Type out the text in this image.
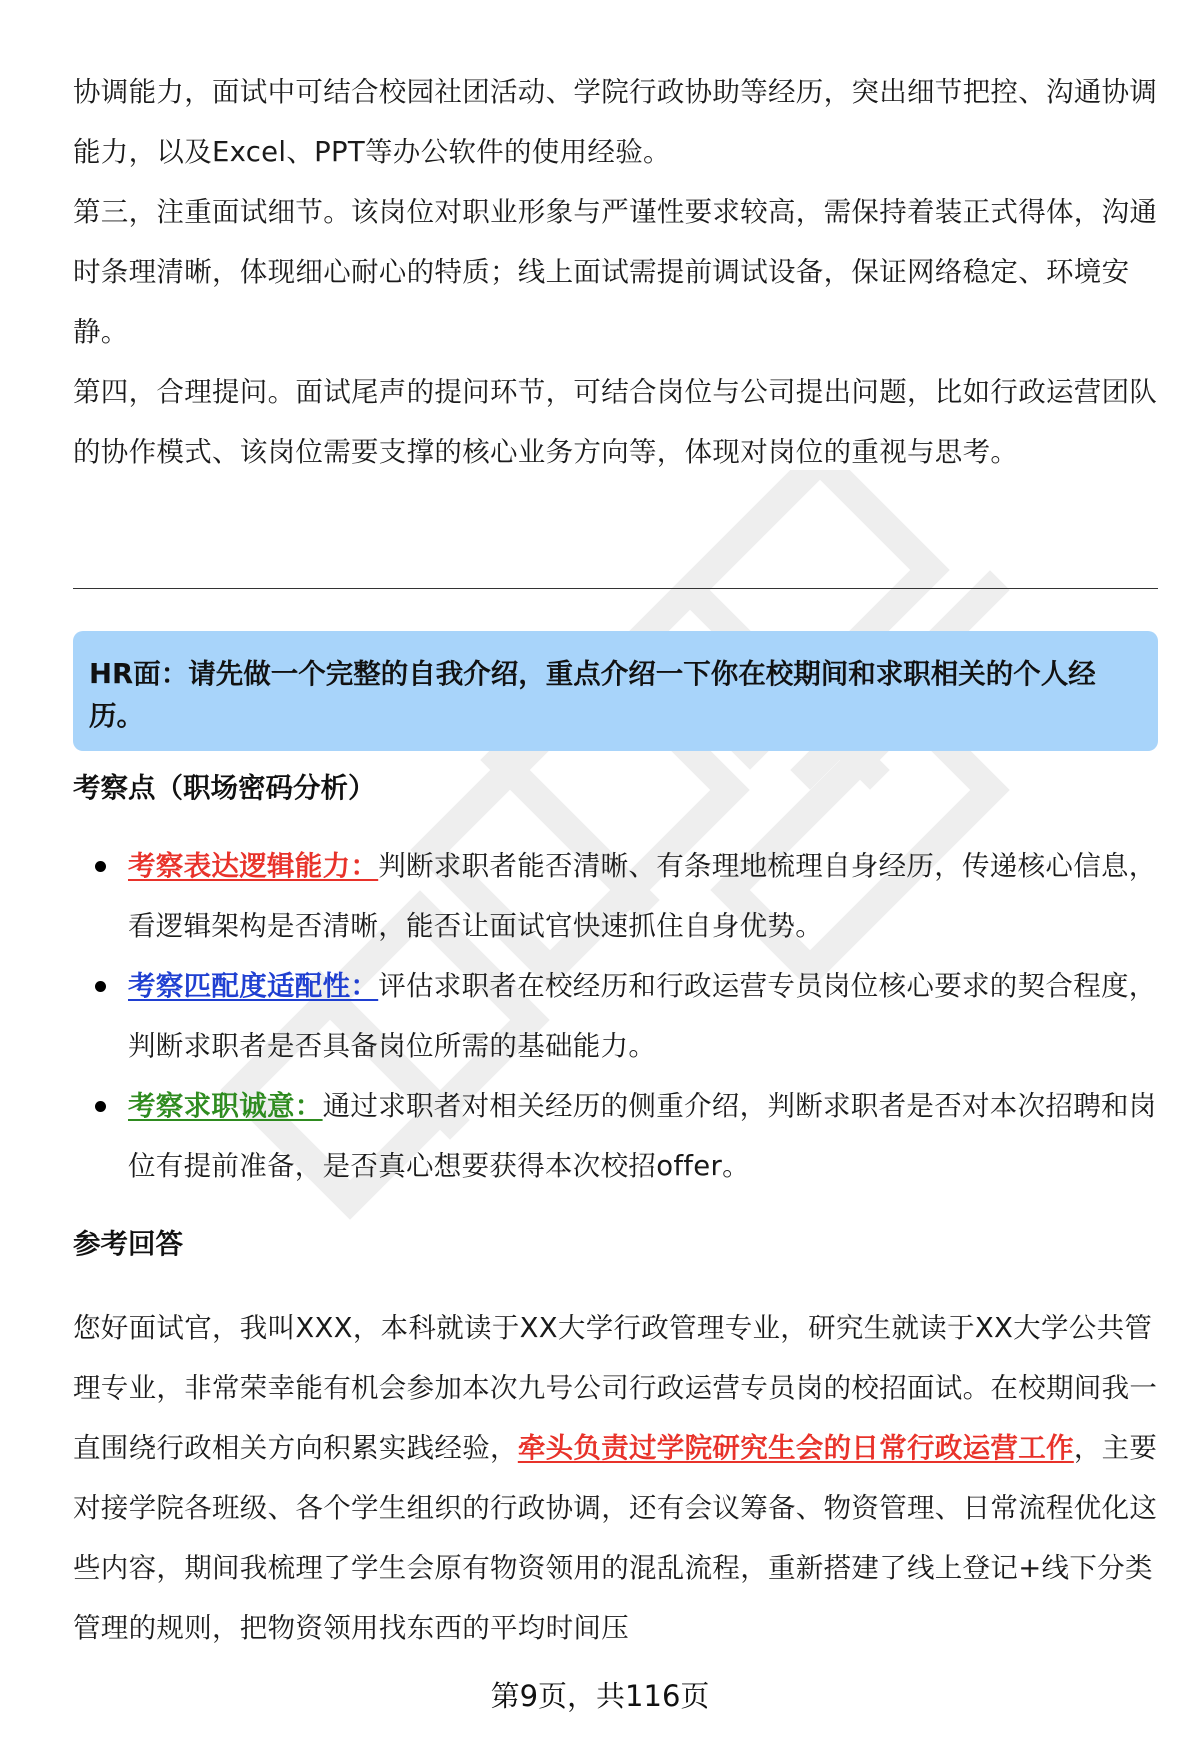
协调能力，面试中可结合校园社团活动、学院行政协助等经历，突出细节把控、沟通协调能力，以及Excel、PPT等办公软件的使用经验。

第三，注重面试细节。该岗位对职业形象与严谨性要求较高，需保持着装正式得体，沟通时条理清晰，体现细心耐心的特质；线上面试需提前调试设备，保证网络稳定、环境安静。

第四，合理提问。面试尾声的提问环节，可结合岗位与公司提出问题，比如行政运营团队的协作模式、该岗位需要支撑的核心业务方向等，体现对岗位的重视与思考。

HR面：请先做一个完整的自我介绍，重点介绍一下你在校期间和求职相关的个人经历。
考察点（职场密码分析）
考察表达逻辑能力：判断求职者能否清晰、有条理地梳理自身经历，传递核心信息，看逻辑架构是否清晰，能否让面试官快速抓住自身优势。
考察匹配度适配性：评估求职者在校经历和行政运营专员岗位核心要求的契合程度，判断求职者是否具备岗位所需的基础能力。
考察求职诚意：通过求职者对相关经历的侧重介绍，判断求职者是否对本次招聘和岗位有提前准备，是否真心想要获得本次校招offer。
参考回答

您好面试官，我叫XXX，本科就读于XX大学行政管理专业，研究生就读于XX大学公共管理专业，非常荣幸能有机会参加本次九号公司行政运营专员岗的校招面试。在校期间我一直围绕行政相关方向积累实践经验，牵头负责过学院研究生会的日常行政运营工作，主要对接学院各班级、各个学生组织的行政协调，还有会议筹备、物资管理、日常流程优化这些内容，期间我梳理了学生会原有物资领用的混乱流程，重新搭建了线上登记+线下分类管理的规则，把物资领用找东西的平均时间压

第9页，共116页
